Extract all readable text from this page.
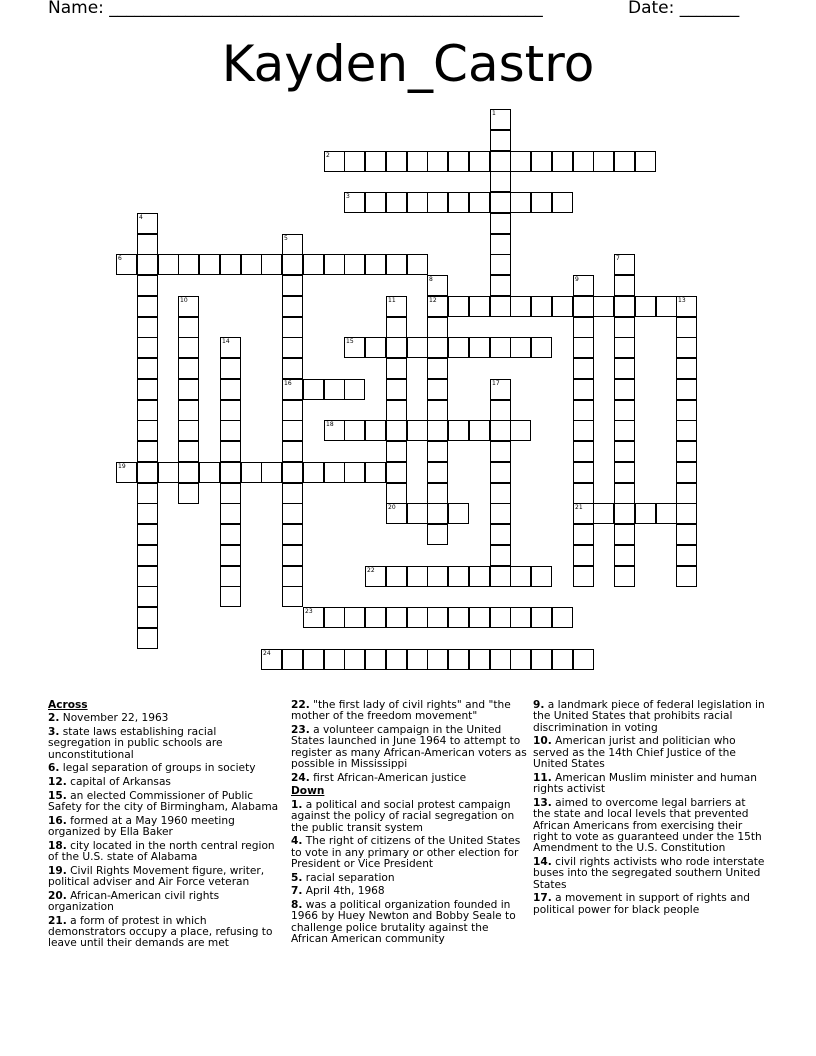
Name: ___________________________________________________	Date: _______
Kayden_Castro
1
2
3
4
5
16
6	7
8
12
9
21
10	11	13
14	15
17
18
19
20
22
23
24

Across

2. November 22, 1963

3. state laws establishing racial segregation in public schools are unconstitutional

6. legal separation of groups in society

12. capital of Arkansas

15. an elected Commissioner of Public Safety for the city of Birmingham, Alabama

16. formed at a May 1960 meeting organized by Ella Baker

18. city located in the north central region of the U.S. state of Alabama

19. Civil Rights Movement figure, writer, political adviser and Air Force veteran

20. African-American civil rights organization

21. a form of protest in which demonstrators occupy a place, refusing to leave until their demands are met

22. "the first lady of civil rights" and "the mother of the freedom movement"

23. a volunteer campaign in the United States launched in June 1964 to attempt to register as many African-American voters as possible in Mississippi

24. first African-American justice

Down

1. a political and social protest campaign against the policy of racial segregation on the public transit system

4. The right of citizens of the United States to vote in any primary or other election for President or Vice President

5. racial separation

7. April 4th, 1968

8. was a political organization founded in 1966 by Huey Newton and Bobby Seale to challenge police brutality against the African American community

9. a landmark piece of federal legislation in the United States that prohibits racial discrimination in voting

10. American jurist and politician who served as the 14th Chief Justice of the United States

11. American Muslim minister and human rights activist

13. aimed to overcome legal barriers at the state and local levels that prevented African Americans from exercising their right to vote as guaranteed under the 15th Amendment to the U.S. Constitution

14. civil rights activists who rode interstate buses into the segregated southern United States

17. a movement in support of rights and political power for black people
